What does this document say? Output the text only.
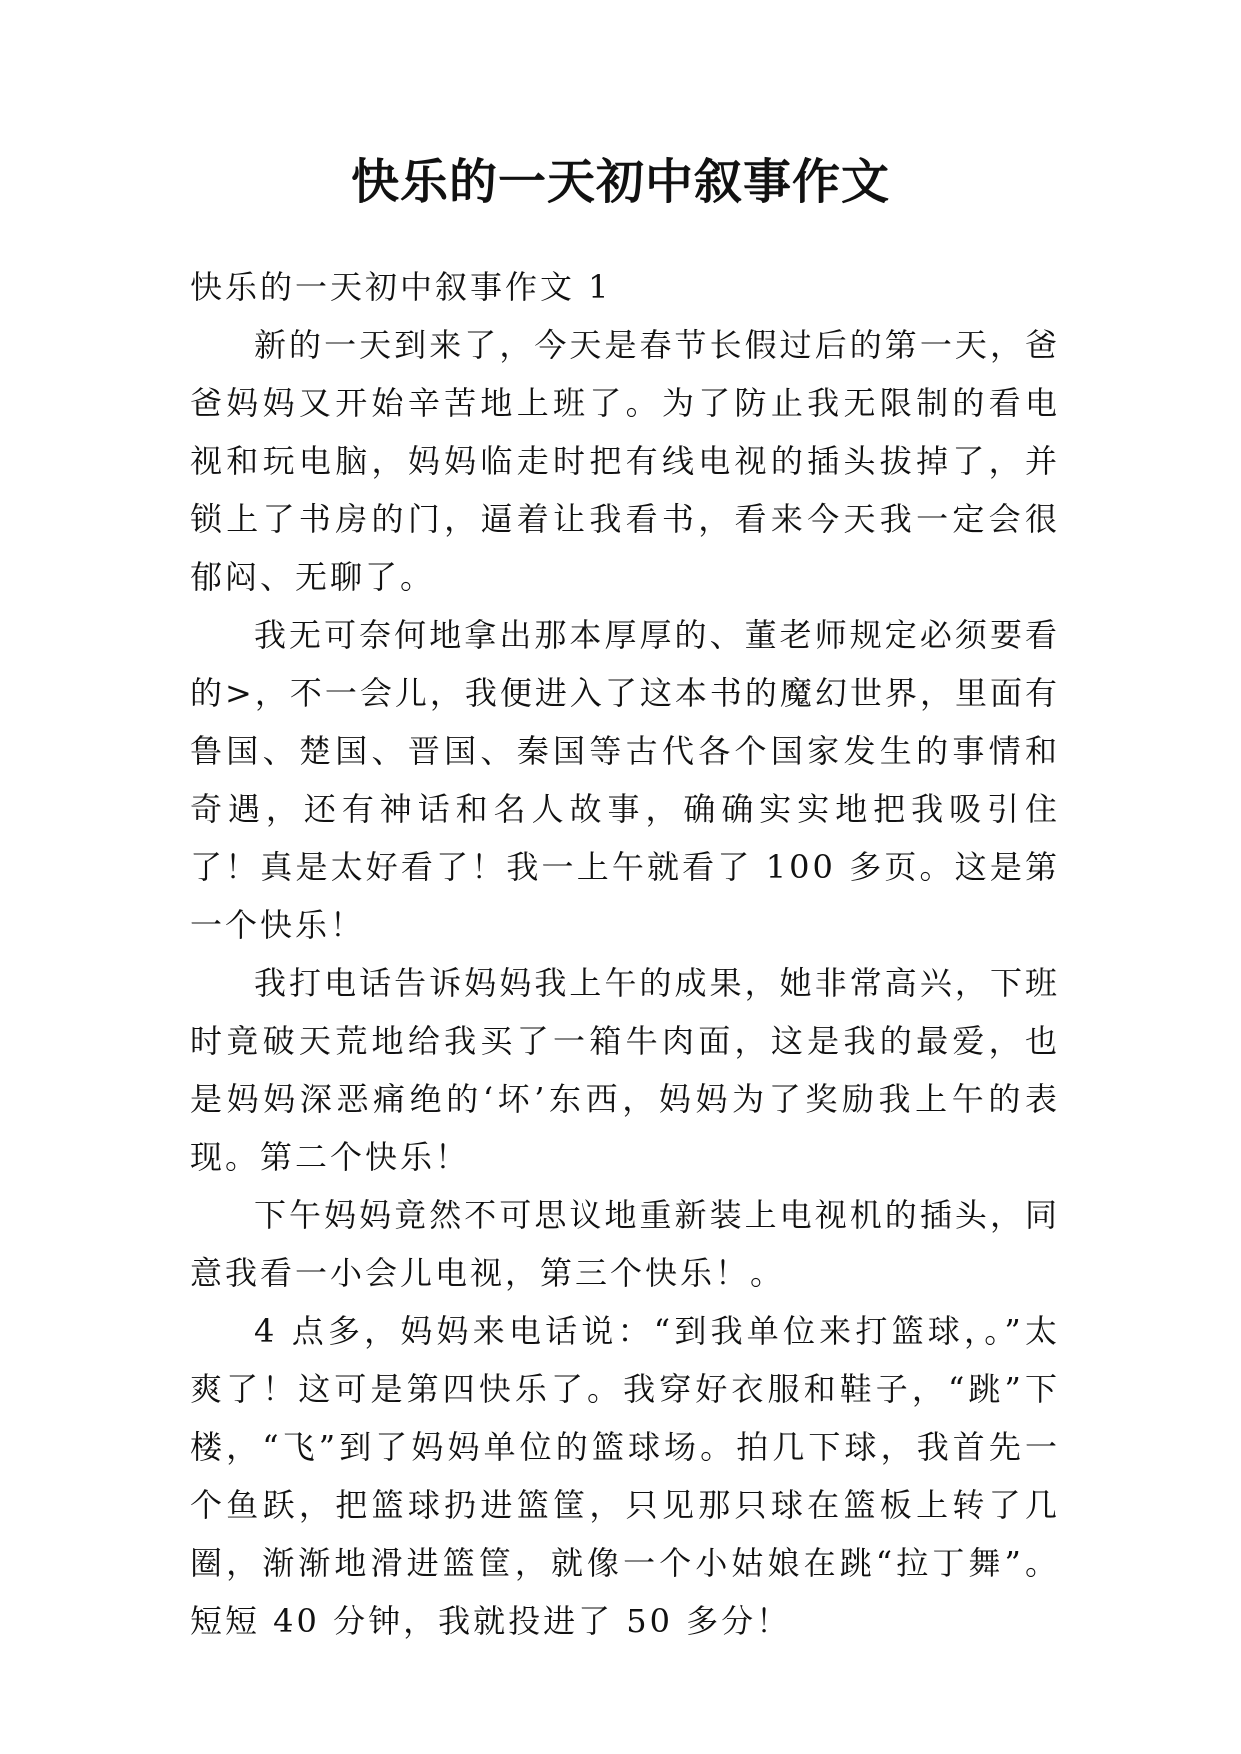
快乐的一天初中叙事作文
快乐的一天初中叙事作文 1

新的一天到来了，今天是春节长假过后的第一天，爸爸妈妈又开始辛苦地上班了。为了防止我无限制的看电视和玩电脑，妈妈临走时把有线电视的插头拔掉了，并锁上了书房的门，逼着让我看书，看来今天我一定会很郁闷、无聊了。

我无可奈何地拿出那本厚厚的、董老师规定必须要看的>，不一会儿，我便进入了这本书的魔幻世界，里面有鲁国、楚国、晋国、秦国等古代各个国家发生的事情和奇遇，还有神话和名人故事，确确实实地把我吸引住了！真是太好看了！我一上午就看了 100 多页。这是第一个快乐！

我打电话告诉妈妈我上午的成果，她非常高兴，下班时竟破天荒地给我买了一箱牛肉面，这是我的最爱，也是妈妈深恶痛绝的‘坏’东西，妈妈为了奖励我上午的表现。第二个快乐！

下午妈妈竟然不可思议地重新装上电视机的插头，同意我看一小会儿电视，第三个快乐！。

4 点多，妈妈来电话说：“到我单位来打篮球，。”太爽了！这可是第四快乐了。我穿好衣服和鞋子，“跳”下楼，“飞”到了妈妈单位的篮球场。拍几下球，我首先一个鱼跃，把篮球扔进篮筐，只见那只球在篮板上转了几圈，渐渐地滑进篮筐，就像一个小姑娘在跳“拉丁舞”。短短 40 分钟，我就投进了 50 多分！
